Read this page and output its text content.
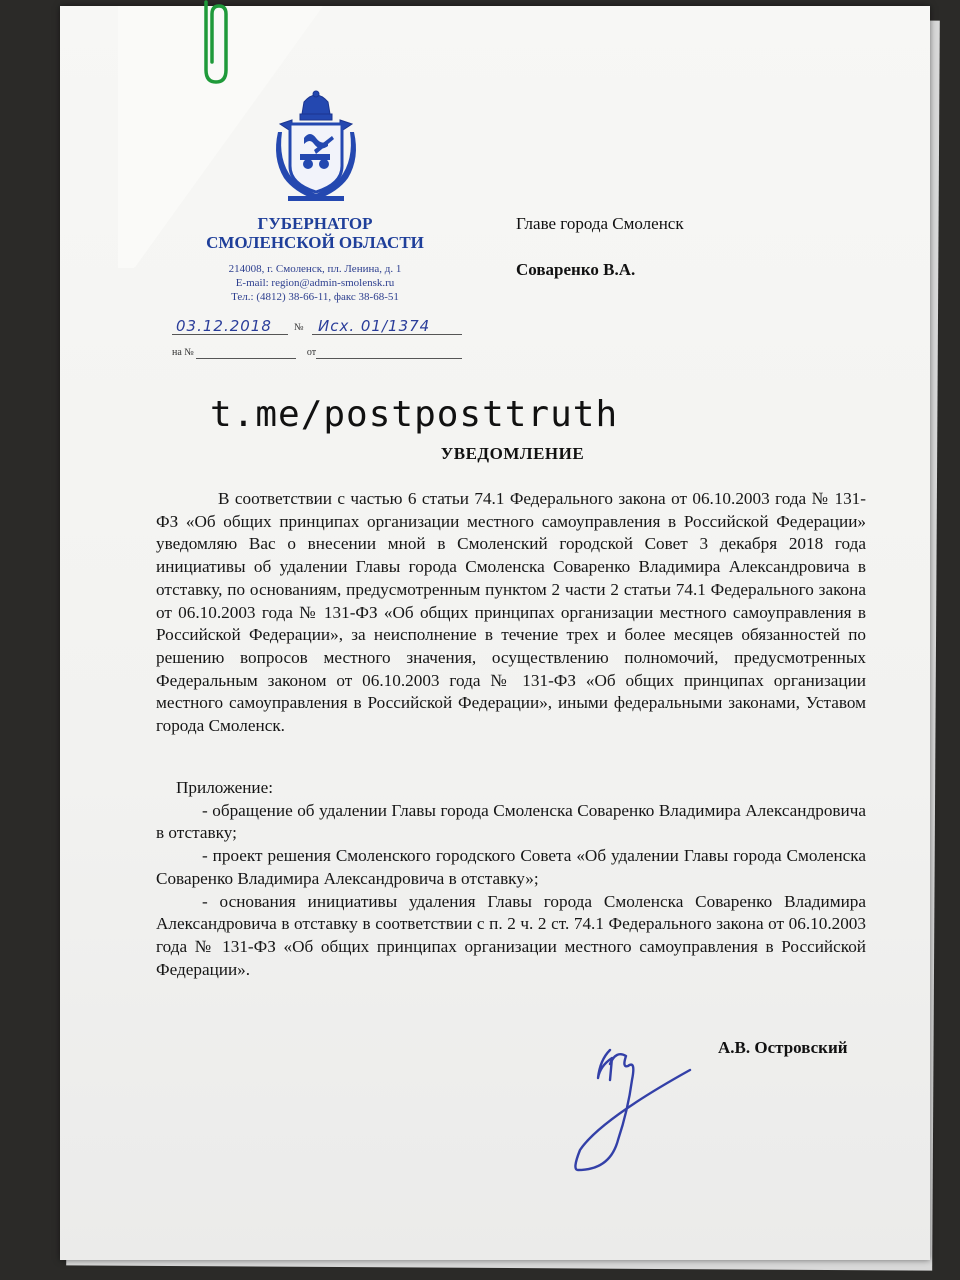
ГУБЕРНАТОР
СМОЛЕНСКОЙ ОБЛАСТИ
214008, г. Смоленск, пл. Ленина, д. 1
E-mail: region@admin-smolensk.ru
Тел.: (4812) 38-66-11, факс 38-68-51
03.12.2018 № Исх. 01/1374
на №	от
Главе города Смоленск
Соваренко В.А.
t.me/postposttruth
УВЕДОМЛЕНИЕ

В соответствии с частью 6 статьи 74.1 Федерального закона от 06.10.2003 года № 131-ФЗ «Об общих принципах организации местного самоуправления в Российской Федерации» уведомляю Вас о внесении мной в Смоленский городской Совет 3 декабря 2018 года инициативы об удалении Главы города Смоленска Соваренко Владимира Александровича в отставку, по основаниям, предусмотренным пунктом 2 части 2 статьи 74.1 Федерального закона от 06.10.2003 года № 131-ФЗ «Об общих принципах организации местного самоуправления в Российской Федерации», за неисполнение в течение трех и более месяцев обязанностей по решению вопросов местного значения, осуществлению полномочий, предусмотренных Федеральным законом от 06.10.2003 года № 131-ФЗ «Об общих принципах организации местного самоуправления в Российской Федерации», иными федеральными законами, Уставом города Смоленск.

Приложение:

- обращение об удалении Главы города Смоленска Соваренко Владимира Александровича в отставку;
- проект решения Смоленского городского Совета «Об удалении Главы города Смоленска Соваренко Владимира Александровича в отставку»;
- основания инициативы удаления Главы города Смоленска Соваренко Владимира Александровича в отставку в соответствии с п. 2 ч. 2 ст. 74.1 Федерального закона от 06.10.2003 года № 131-ФЗ «Об общих принципах организации местного самоуправления в Российской Федерации».
А.В. Островский
